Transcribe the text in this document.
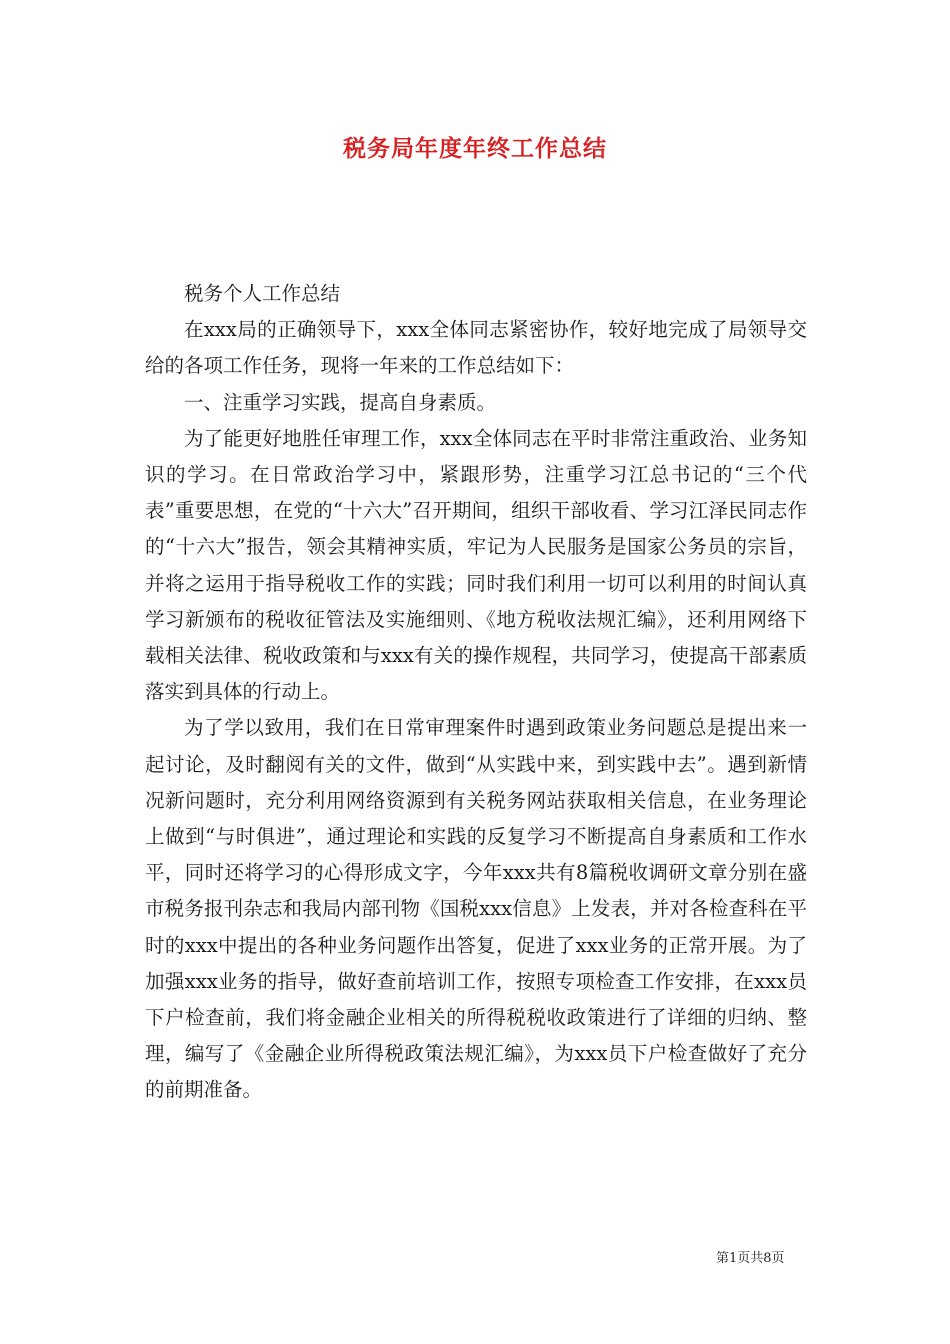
税务局年度年终工作总结

税务个人工作总结

在xxx局的正确领导下，xxx全体同志紧密协作，较好地完成了局领导交给的各项工作任务，现将一年来的工作总结如下：

一、注重学习实践，提高自身素质。

为了能更好地胜任审理工作，xxx全体同志在平时非常注重政治、业务知识的学习。在日常政治学习中，紧跟形势，注重学习江总书记的“三个代表”重要思想，在党的“十六大”召开期间，组织干部收看、学习江泽民同志作的“十六大”报告，领会其精神实质，牢记为人民服务是国家公务员的宗旨，并将之运用于指导税收工作的实践；同时我们利用一切可以利用的时间认真学习新颁布的税收征管法及实施细则、《地方税收法规汇编》，还利用网络下载相关法律、税收政策和与xxx有关的操作规程，共同学习，使提高干部素质落实到具体的行动上。

为了学以致用，我们在日常审理案件时遇到政策业务问题总是提出来一起讨论，及时翻阅有关的文件，做到“从实践中来，到实践中去”。遇到新情况新问题时，充分利用网络资源到有关税务网站获取相关信息，在业务理论上做到“与时俱进”，通过理论和实践的反复学习不断提高自身素质和工作水平，同时还将学习的心得形成文字，今年xxx共有8篇税收调研文章分别在盛市税务报刊杂志和我局内部刊物《国税xxx信息》上发表，并对各检查科在平时的xxx中提出的各种业务问题作出答复，促进了xxx业务的正常开展。为了加强xxx业务的指导，做好查前培训工作，按照专项检查工作安排，在xxx员下户检查前，我们将金融企业相关的所得税税收政策进行了详细的归纳、整理，编写了《金融企业所得税政策法规汇编》，为xxx员下户检查做好了充分的前期准备。

第1页共8页
